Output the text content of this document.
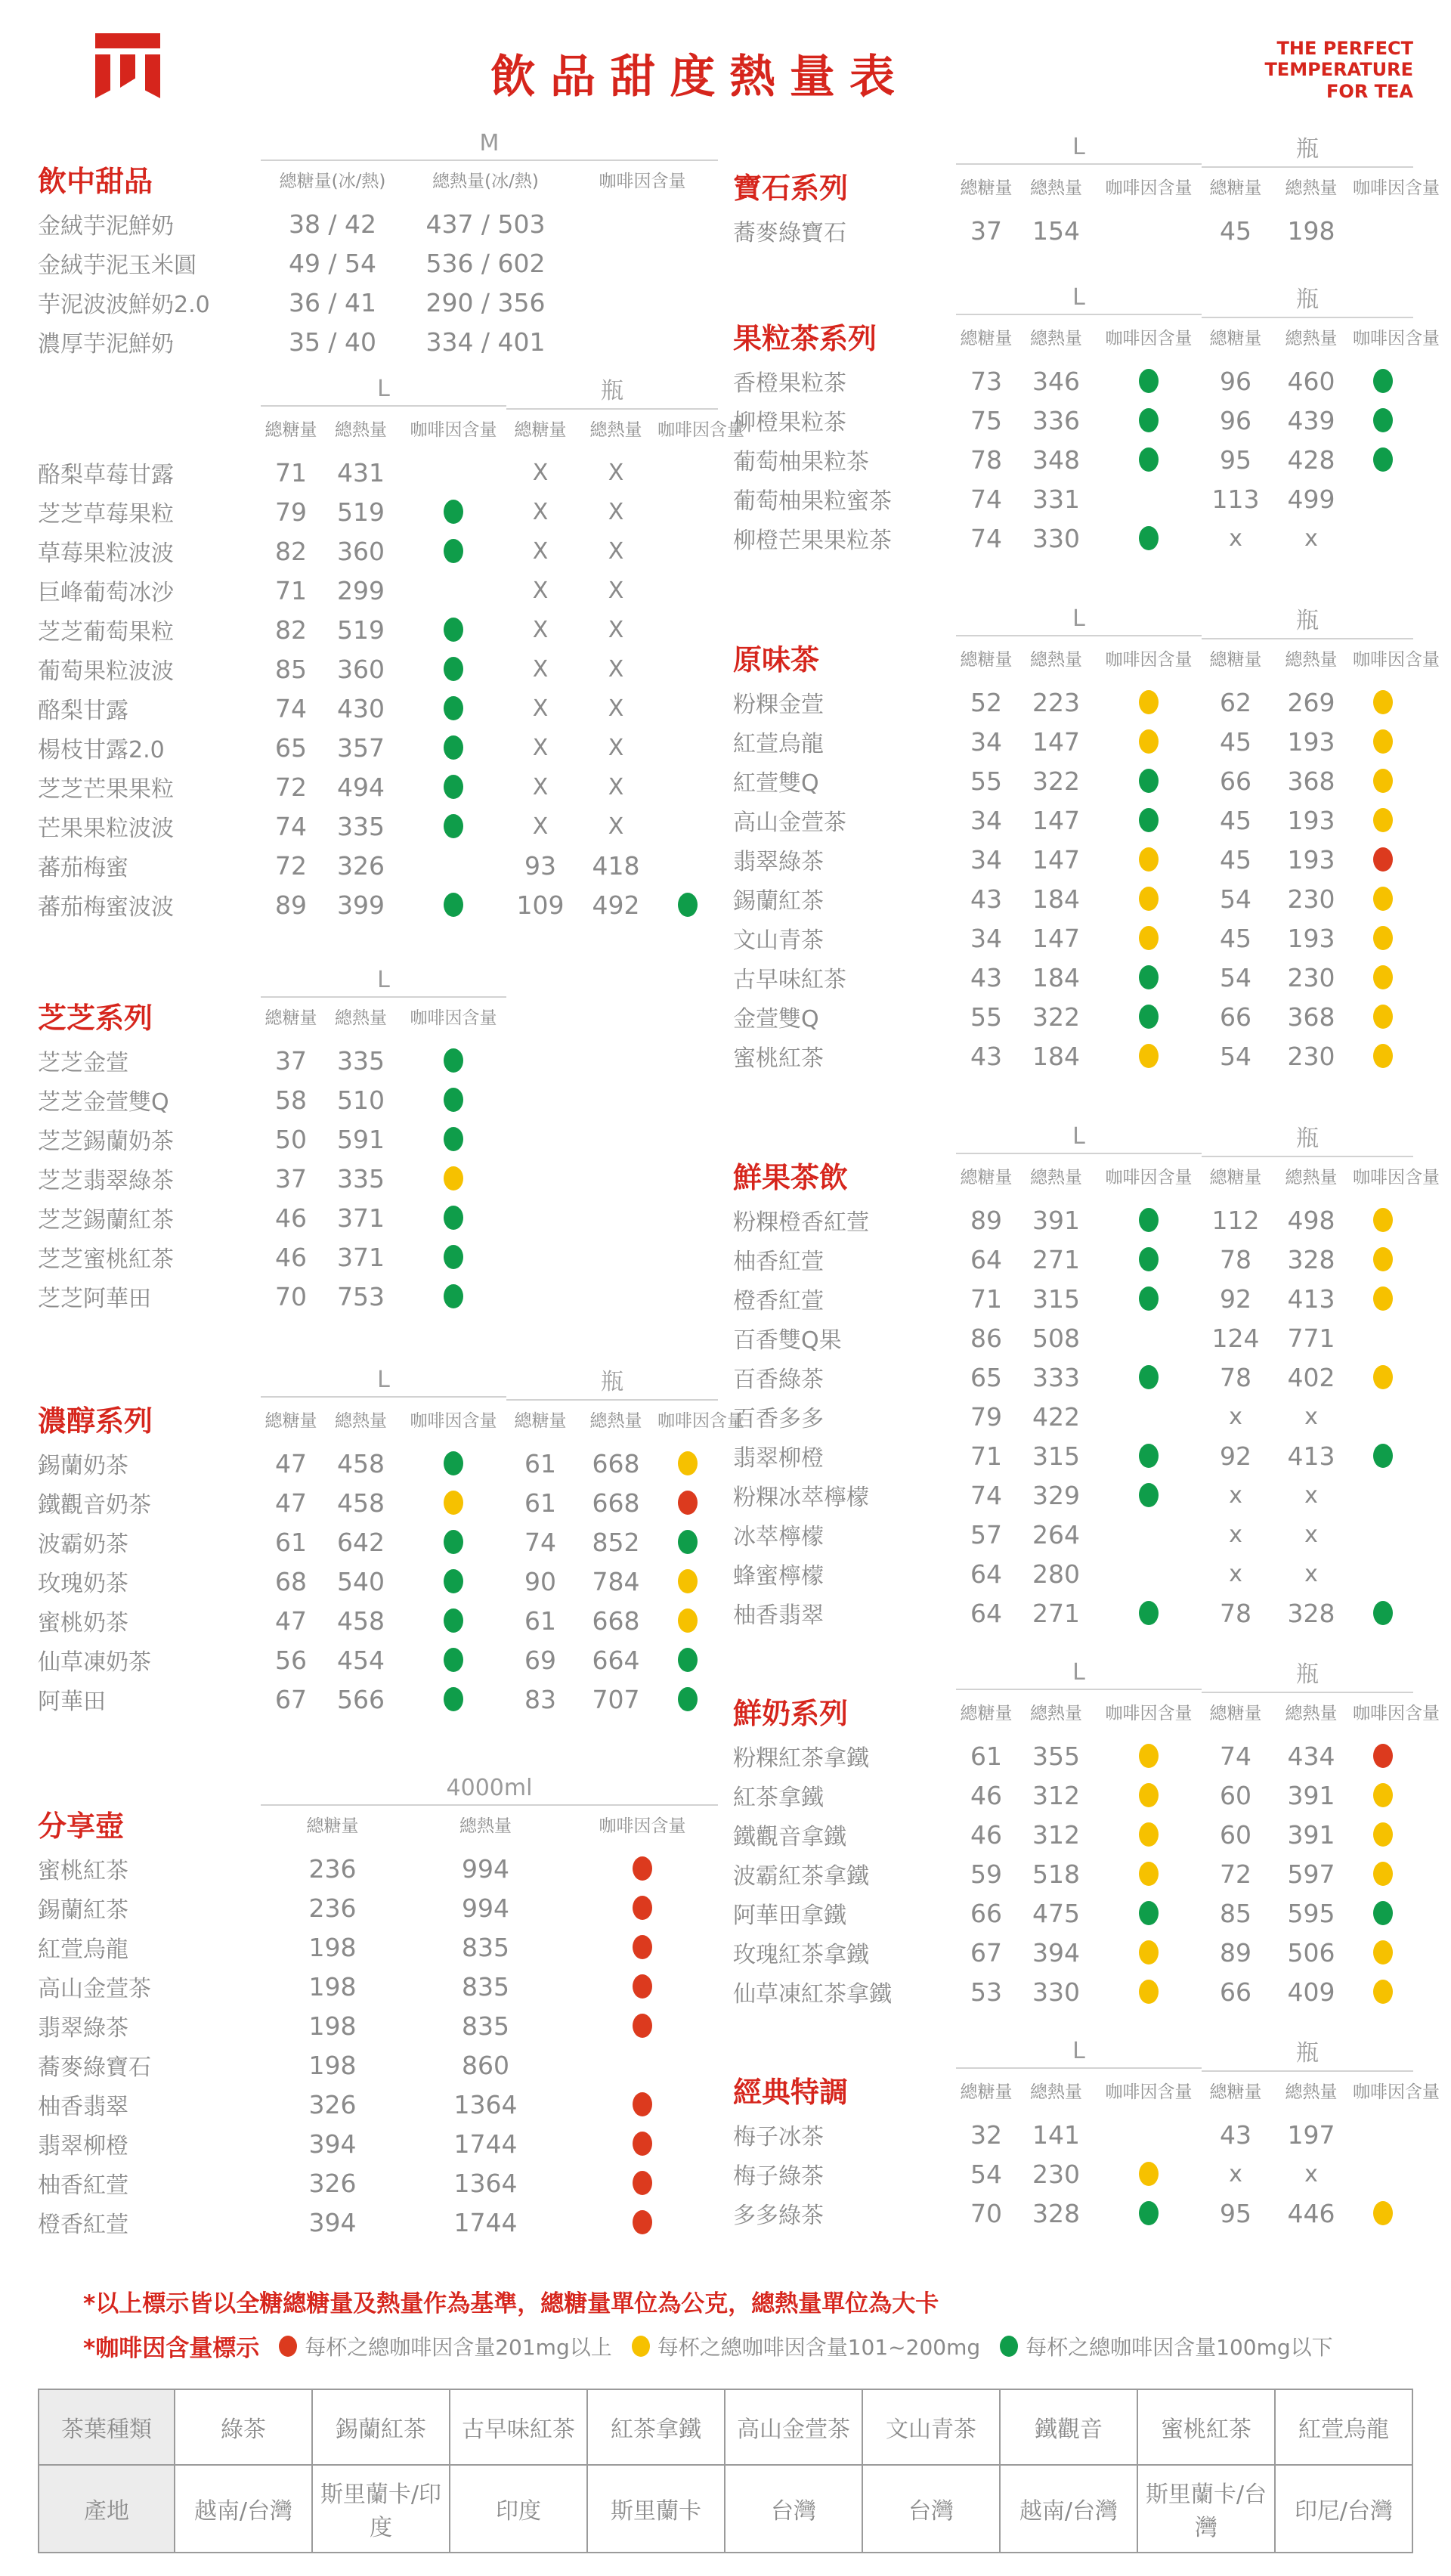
飲品甜度熱量表
THE PERFECT
TEMPERATURE
FOR TEA
飲中甜品
M
總糖量(冰/熱)	總熱量(冰/熱)	咖啡因含量
金絨芋泥鮮奶	38 / 42	437 / 503
金絨芋泥玉米圓	49 / 54	536 / 602
芋泥波波鮮奶2.0	36 / 41	290 / 356
濃厚芋泥鮮奶	35 / 40	334 / 401
L
總糖量	總熱量	咖啡因含量
瓶
總糖量	總熱量 咖啡因含量
酪梨草莓甘露	71	431	X	X
芝芝草莓果粒	79	519	X	X
草莓果粒波波	82	360	X	X
巨峰葡萄冰沙	71	299	X	X
芝芝葡萄果粒	82	519	X	X
葡萄果粒波波	85	360	X	X
酪梨甘露	74	430	X	X
楊枝甘露2.0	65	357	X	X
芝芝芒果果粒	72	494	X	X
芒果果粒波波	74	335	X	X
蕃茄梅蜜	72	326	93	418
蕃茄梅蜜波波	89	399	109	492
芝芝系列
L
總糖量	總熱量	咖啡因含量
芝芝金萱	37	335
芝芝金萱雙Q	58	510
芝芝錫蘭奶茶	50	591
芝芝翡翠綠茶	37	335
芝芝錫蘭紅茶	46	371
芝芝蜜桃紅茶	46	371
芝芝阿華田	70	753
濃醇系列
L
總糖量	總熱量	咖啡因含量
瓶
總糖量	總熱量 咖啡因含量
錫蘭奶茶	47	458	61	668
鐵觀音奶茶	47	458	61	668
波霸奶茶	61	642	74	852
玫瑰奶茶	68	540	90	784
蜜桃奶茶	47	458	61	668
仙草凍奶茶	56	454	69	664
阿華田	67	566	83	707
分享壺
4000ml
總糖量	總熱量	咖啡因含量
蜜桃紅茶	236	994
錫蘭紅茶	236	994
紅萱烏龍	198	835
高山金萱茶	198	835
翡翠綠茶	198	835
蕎麥綠寶石	198	860
柚香翡翠	326	1364
翡翠柳橙	394	1744
柚香紅萱	326	1364
橙香紅萱	394	1744
寶石系列
L
總糖量	總熱量	咖啡因含量
瓶
總糖量	總熱量 咖啡因含量
蕎麥綠寶石	37	154	45	198
果粒茶系列
L
總糖量	總熱量	咖啡因含量
瓶
總糖量	總熱量 咖啡因含量
香橙果粒茶	73	346	96	460
柳橙果粒茶	75	336	96	439
葡萄柚果粒茶	78	348	95	428
葡萄柚果粒蜜茶	74	331	113	499
柳橙芒果果粒茶	74	330	x	x
原味茶
L
總糖量	總熱量	咖啡因含量
瓶
總糖量	總熱量 咖啡因含量
粉粿金萱	52	223	62	269
紅萱烏龍	34	147	45	193
紅萱雙Q	55	322	66	368
高山金萱茶	34	147	45	193
翡翠綠茶	34	147	45	193
錫蘭紅茶	43	184	54	230
文山青茶	34	147	45	193
古早味紅茶	43	184	54	230
金萱雙Q	55	322	66	368
蜜桃紅茶	43	184	54	230
鮮果茶飲
L
總糖量	總熱量	咖啡因含量
瓶
總糖量	總熱量 咖啡因含量
粉粿橙香紅萱	89	391	112	498
柚香紅萱	64	271	78	328
橙香紅萱	71	315	92	413
百香雙Q果	86	508	124	771
百香綠茶	65	333	78	402
百香多多	79	422	x	x
翡翠柳橙	71	315	92	413
粉粿冰萃檸檬	74	329	x	x
冰萃檸檬	57	264	x	x
蜂蜜檸檬	64	280	x	x
柚香翡翠	64	271	78	328
鮮奶系列
L
總糖量	總熱量	咖啡因含量
瓶
總糖量	總熱量 咖啡因含量
粉粿紅茶拿鐵	61	355	74	434
紅茶拿鐵	46	312	60	391
鐵觀音拿鐵	46	312	60	391
波霸紅茶拿鐵	59	518	72	597
阿華田拿鐵	66	475	85	595
玫瑰紅茶拿鐵	67	394	89	506
仙草凍紅茶拿鐵	53	330	66	409
經典特調
L
總糖量	總熱量	咖啡因含量
瓶
總糖量	總熱量 咖啡因含量
梅子冰茶	32	141	43	197
梅子綠茶	54	230	x	x
多多綠茶	70	328	95	446
*以上標示皆以全糖總糖量及熱量作為基準，總糖量單位為公克，總熱量單位為大卡
*咖啡因含量標示 每杯之總咖啡因含量201mg以上 每杯之總咖啡因含量101~200mg 每杯之總咖啡因含量100mg以下
茶葉種類	綠茶	錫蘭紅茶	古早味紅茶	紅茶拿鐵	高山金萱茶	文山青茶	鐵觀音	蜜桃紅茶	紅萱烏龍
產地	越南/台灣	斯里蘭卡/印度	印度	斯里蘭卡	台灣	台灣	越南/台灣	斯里蘭卡/台灣	印尼/台灣
